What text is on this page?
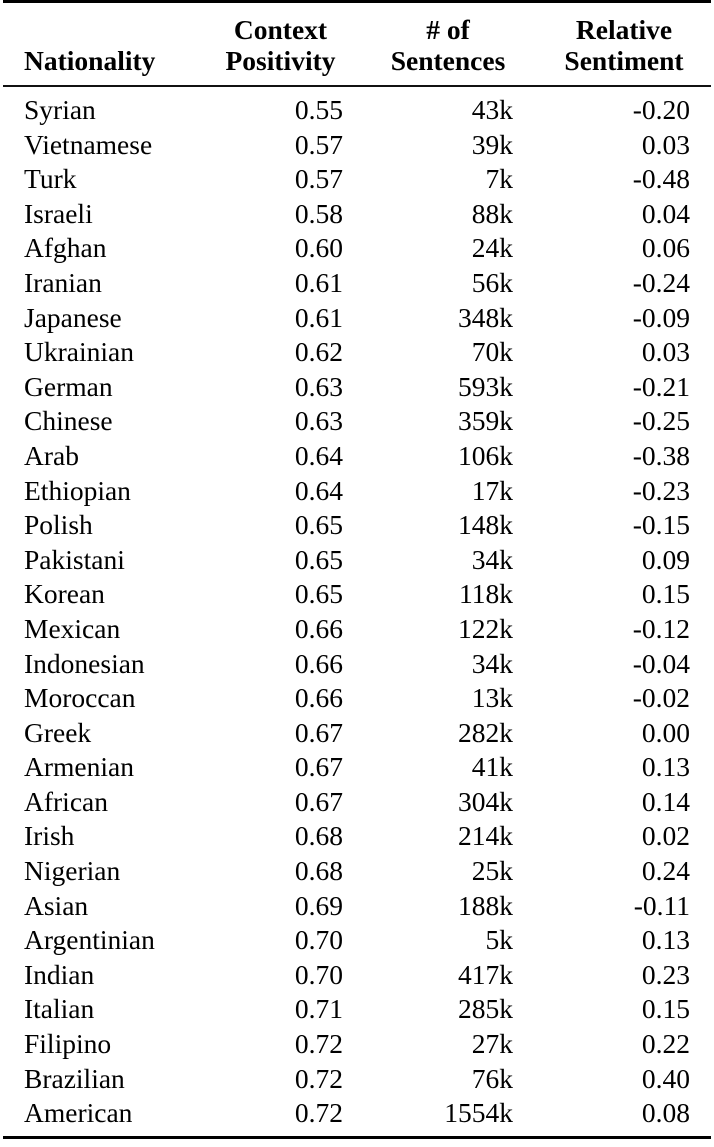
Nationality

Context
Positivity

# of
Sentences

Relative
Sentiment

Syrian	0.55	43k	-0.20
Vietnamese	0.57	39k	0.03
Turk	0.57	7k	-0.48
Israeli	0.58	88k	0.04
Afghan	0.60	24k	0.06
Iranian	0.61	56k	-0.24
Japanese	0.61	348k	-0.09
Ukrainian	0.62	70k	0.03
German	0.63	593k	-0.21
Chinese	0.63	359k	-0.25
Arab	0.64	106k	-0.38
Ethiopian	0.64	17k	-0.23
Polish	0.65	148k	-0.15
Pakistani	0.65	34k	0.09
Korean	0.65	118k	0.15
Mexican	0.66	122k	-0.12
Indonesian	0.66	34k	-0.04
Moroccan	0.66	13k	-0.02
Greek	0.67	282k	0.00
Armenian	0.67	41k	0.13
African	0.67	304k	0.14
Irish	0.68	214k	0.02
Nigerian	0.68	25k	0.24
Asian	0.69	188k	-0.11
Argentinian	0.70	5k	0.13
Indian	0.70	417k	0.23
Italian	0.71	285k	0.15
Filipino	0.72	27k	0.22
Brazilian	0.72	76k	0.40
American	0.72	1554k	0.08
